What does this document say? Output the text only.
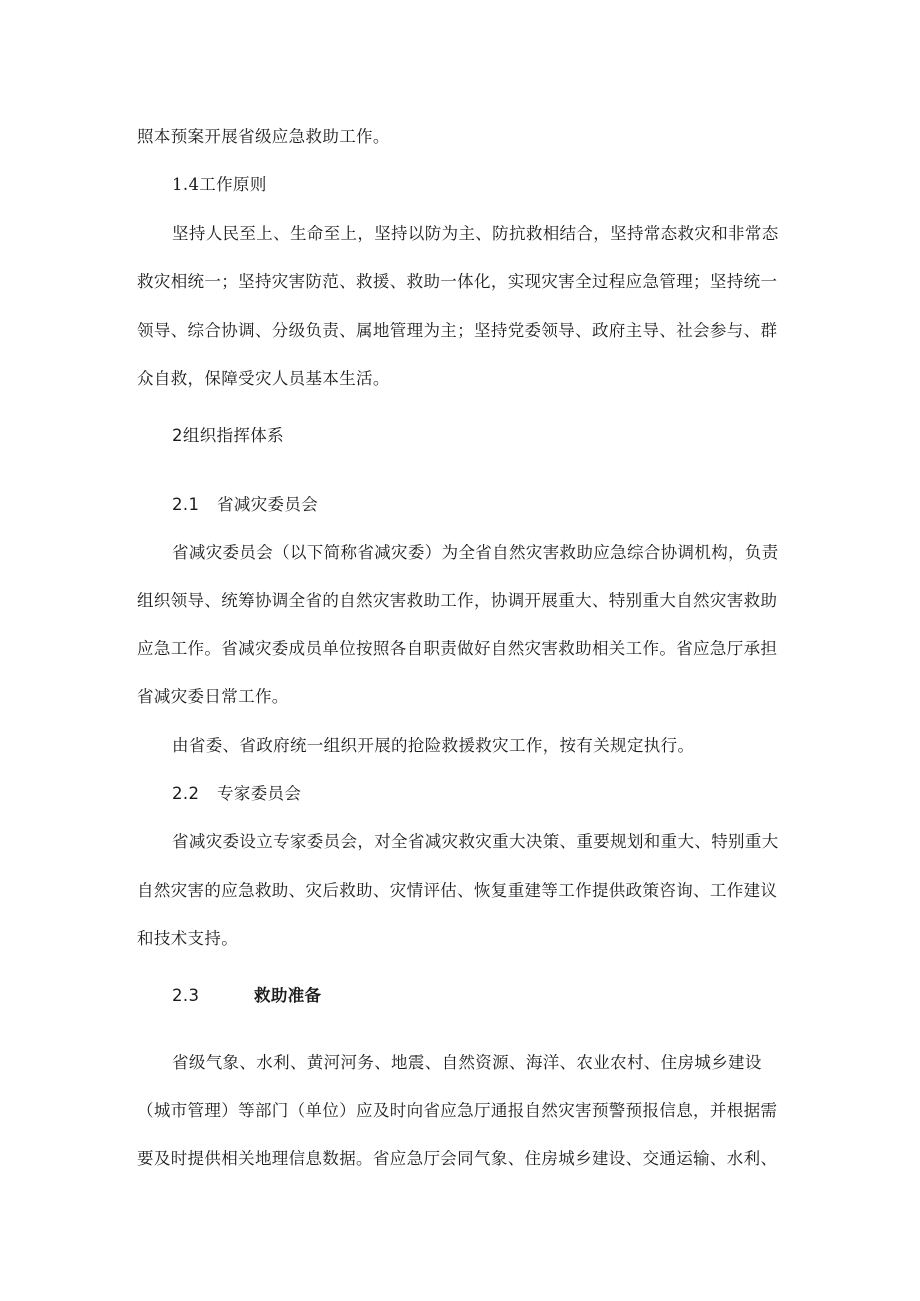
照本预案开展省级应急救助工作。
1.4工作原则
坚持人民至上、生命至上，坚持以防为主、防抗救相结合，坚持常态救灾和非常态
救灾相统一；坚持灾害防范、救援、救助一体化，实现灾害全过程应急管理；坚持统一
领导、综合协调、分级负责、属地管理为主；坚持党委领导、政府主导、社会参与、群
众自救，保障受灾人员基本生活。
2组织指挥体系
2.1 省减灾委员会
省减灾委员会（以下简称省减灾委）为全省自然灾害救助应急综合协调机构，负责
组织领导、统筹协调全省的自然灾害救助工作，协调开展重大、特别重大自然灾害救助
应急工作。省减灾委成员单位按照各自职责做好自然灾害救助相关工作。省应急厅承担
省减灾委日常工作。
由省委、省政府统一组织开展的抢险救援救灾工作，按有关规定执行。
2.2 专家委员会
省减灾委设立专家委员会，对全省减灾救灾重大决策、重要规划和重大、特别重大
自然灾害的应急救助、灾后救助、灾情评估、恢复重建等工作提供政策咨询、工作建议
和技术支持。
2.3	救助准备
省级气象、水利、黄河河务、地震、自然资源、海洋、农业农村、住房城乡建设
（城市管理）等部门（单位）应及时向省应急厅通报自然灾害预警预报信息，并根据需
要及时提供相关地理信息数据。省应急厅会同气象、住房城乡建设、交通运输、水利、
